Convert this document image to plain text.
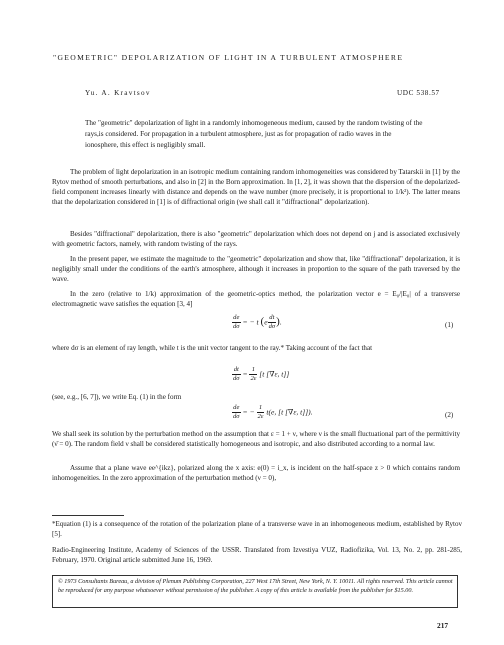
"GEOMETRIC" DEPOLARIZATION OF LIGHT IN A TURBULENT ATMOSPHERE
Yu. A. Kravtsov	UDC 538.57
The "geometric" depolarization of light in a randomly inhomogeneous medium, caused by the random twisting of the rays,is considered. For propagation in a turbulent atmosphere, just as for propagation of radio waves in the ionosphere, this effect is negligibly small.
The problem of light depolarization in an isotropic medium containing random inhomogeneities was considered by Tatarskii in [1] by the Rytov method of smooth perturbations, and also in [2] in the Born approximation. In [1, 2], it was shown that the dispersion of the depolarized-field component increases linearly with distance and depends on the wave number (more precisely, it is proportional to 1/k²). The latter means that the depolarization considered in [1] is of diffractional origin (we shall call it "diffractional" depolarization).
Besides "diffractional" depolarization, there is also "geometric" depolarization which does not depend on j and is associated exclusively with geometric factors, namely, with random twisting of the rays.
In the present paper, we estimate the magnitude to the "geometric" depolarization and show that, like "diffractional" depolarization, it is negligibly small under the conditions of the earth's atmosphere, although it increases in proportion to the square of the path traversed by the wave.
In the zero (relative to 1/k) approximation of the geometric-optics method, the polarization vector e = E₀/|E₀| of a transverse electromagnetic wave satisfies the equation [3, 4]
$\frac{de}{d\sigma}$ = − t ($e \frac{dt}{d\sigma}$ ).	(1)
where dσ is an element of ray length, while t is the unit vector tangent to the ray.* Taking account of the fact that
$\frac{dt}{d\sigma} = \frac{1}{2\varepsilon} [t$ [∇ε, t]]
(see, e.g., [6, 7]), we write Eq. (1) in the form
$\frac{de}{d\sigma}$ = − $\frac{1}{2\varepsilon} t(e$, [t [∇ε, t]]).	(2)
We shall seek its solution by the perturbation method on the assumption that ε = 1 + ν, where ν is the small fluctuational part of the permittivity (ν̄ = 0). The random field ν shall be considered statistically homogeneous and isotropic, and also distributed according to a normal law.
Assume that a plane wave ee^{ikz}, polarized along the x axis: e(0) = i_x, is incident on the half-space z > 0 which contains random inhomogeneities. In the zero approximation of the perturbation method (ν = 0),
*Equation (1) is a consequence of the rotation of the polarization plane of a transverse wave in an inhomogeneous medium, established by Rytov [5].
Radio-Engineering Institute, Academy of Sciences of the USSR. Translated from Izvestiya VUZ, Radiofizika, Vol. 13, No. 2, pp. 281-285, February, 1970. Original article submitted June 16, 1969.
© 1973 Consultants Bureau, a division of Plenum Publishing Corporation, 227 West 17th Street, New York, N. Y. 10011. All rights reserved. This article cannot be reproduced for any purpose whatsoever without permission of the publisher. A copy of this article is available from the publisher for $15.00.
217
